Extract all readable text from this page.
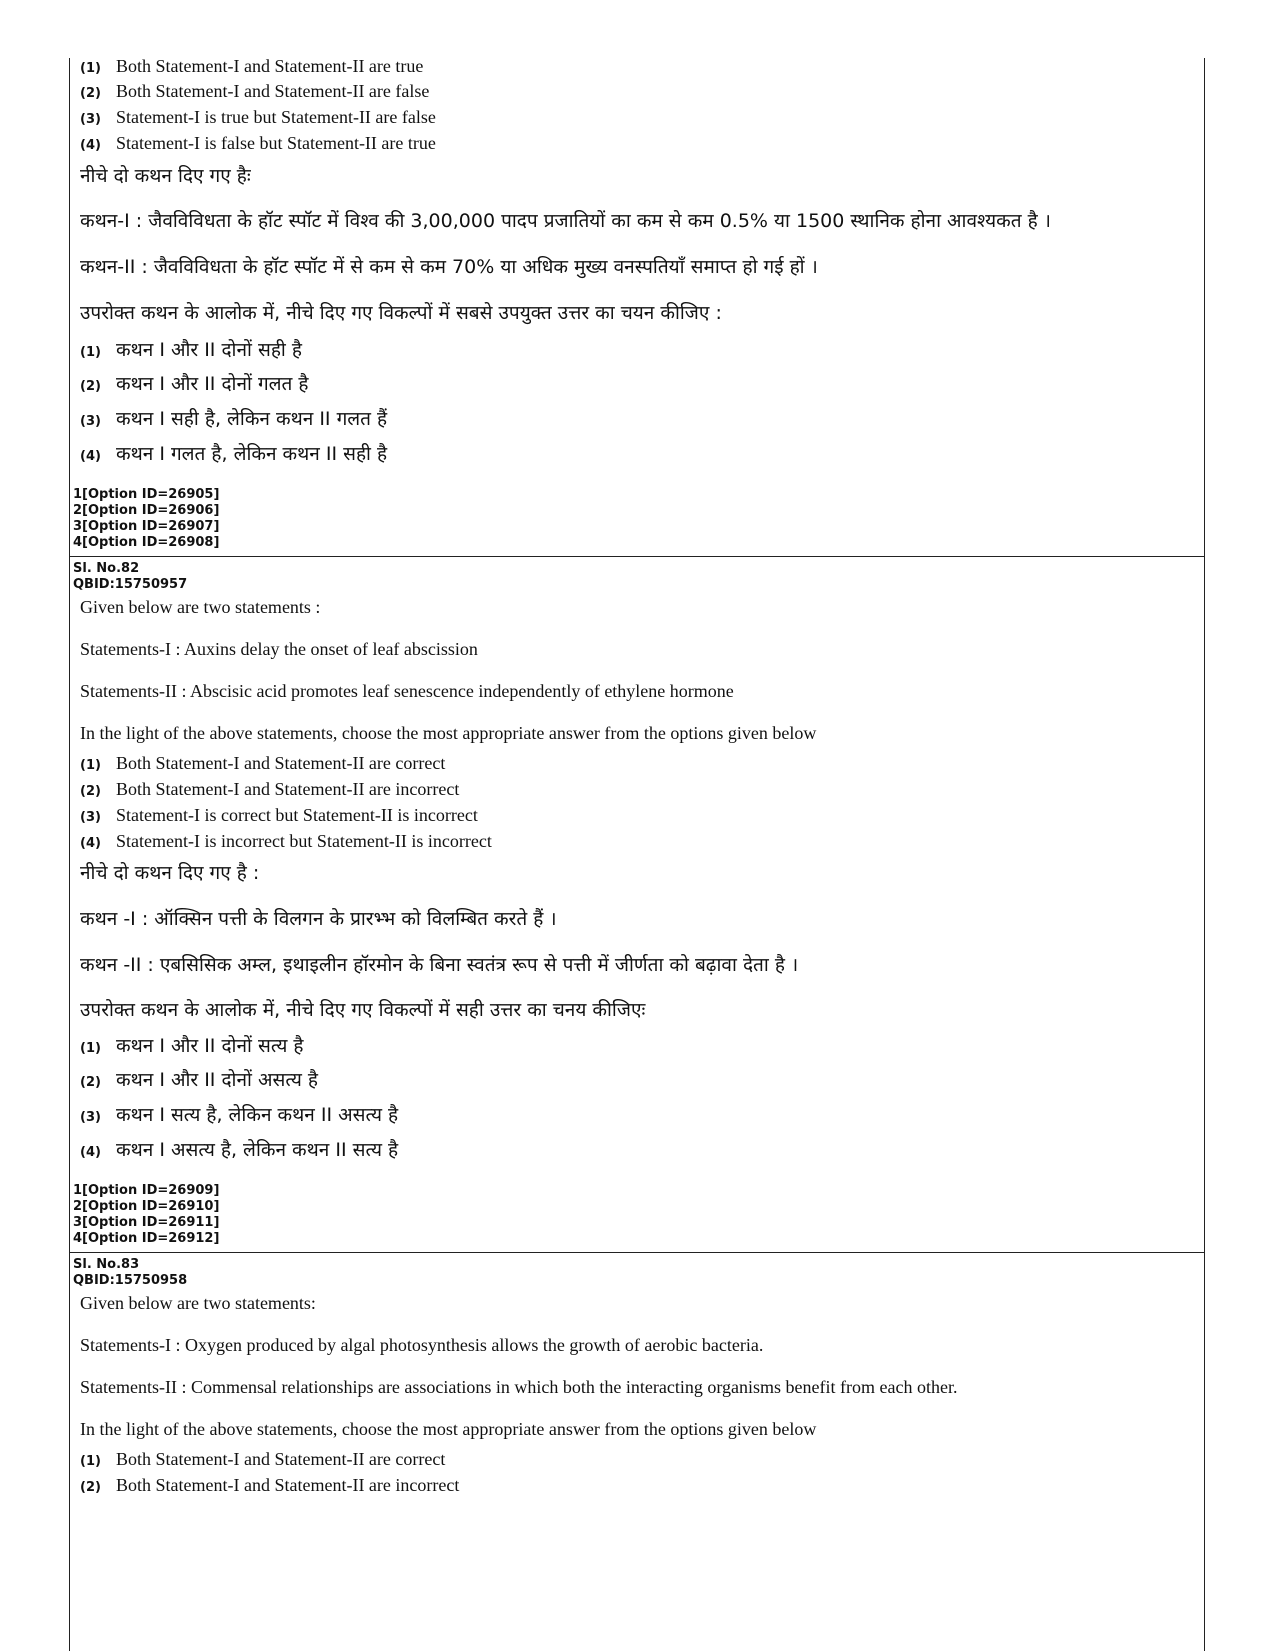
(1) Both Statement-I and Statement-II are true
(2) Both Statement-I and Statement-II are false
(3) Statement-I is true but Statement-II are false
(4) Statement-I is false but Statement-II are true
नीचे दो कथन दिए गए हैः
कथन-I : जैवविविधता के हॉट स्पॉट में विश्व की 3,00,000 पादप प्रजातियों का कम से कम 0.5% या 1500 स्थानिक होना आवश्यकत है ।
कथन-II : जैवविविधता के हॉट स्पॉट में से कम से कम 70% या अधिक मुख्य वनस्पतियाँ समाप्त हो गई हों ।
उपरोक्त कथन के आलोक में, नीचे दिए गए विकल्पों में सबसे उपयुक्त उत्तर का चयन कीजिए :
(1) कथन I और II दोनों सही है
(2) कथन I और II दोनों गलत है
(3) कथन I सही है, लेकिन कथन II गलत हैं
(4) कथन I गलत है, लेकिन कथन II सही है
1[Option ID=26905]
2[Option ID=26906]
3[Option ID=26907]
4[Option ID=26908]
Sl. No.82
QBID:15750957
Given below are two statements :
Statements-I : Auxins delay the onset of leaf abscission
Statements-II : Abscisic acid promotes leaf senescence independently of ethylene hormone
In the light of the above statements, choose the most appropriate answer from the options given below
(1) Both Statement-I and Statement-II are correct
(2) Both Statement-I and Statement-II are incorrect
(3) Statement-I is correct but Statement-II is incorrect
(4) Statement-I is incorrect but Statement-II is incorrect
नीचे दो कथन दिए गए है :
कथन -I : ऑक्सिन पत्ती के विलगन के प्रारभ्भ को विलम्बित करते हैं ।
कथन -II : एबसिसिक अम्ल, इथाइलीन हॉरमोन के बिना स्वतंत्र रूप से पत्ती में जीर्णता को बढ़ावा देता है ।
उपरोक्त कथन के आलोक में, नीचे दिए गए विकल्पों में सही उत्तर का चनय कीजिएः
(1) कथन I और II दोनों सत्य है
(2) कथन I और II दोनों असत्य है
(3) कथन I सत्य है, लेकिन कथन II असत्य है
(4) कथन I असत्य है, लेकिन कथन II सत्य है
1[Option ID=26909]
2[Option ID=26910]
3[Option ID=26911]
4[Option ID=26912]
Sl. No.83
QBID:15750958
Given below are two statements:
Statements-I : Oxygen produced by algal photosynthesis allows the growth of aerobic bacteria.
Statements-II : Commensal relationships are associations in which both the interacting organisms benefit from each other.
In the light of the above statements, choose the most appropriate answer from the options given below
(1) Both Statement-I and Statement-II are correct
(2) Both Statement-I and Statement-II are incorrect
